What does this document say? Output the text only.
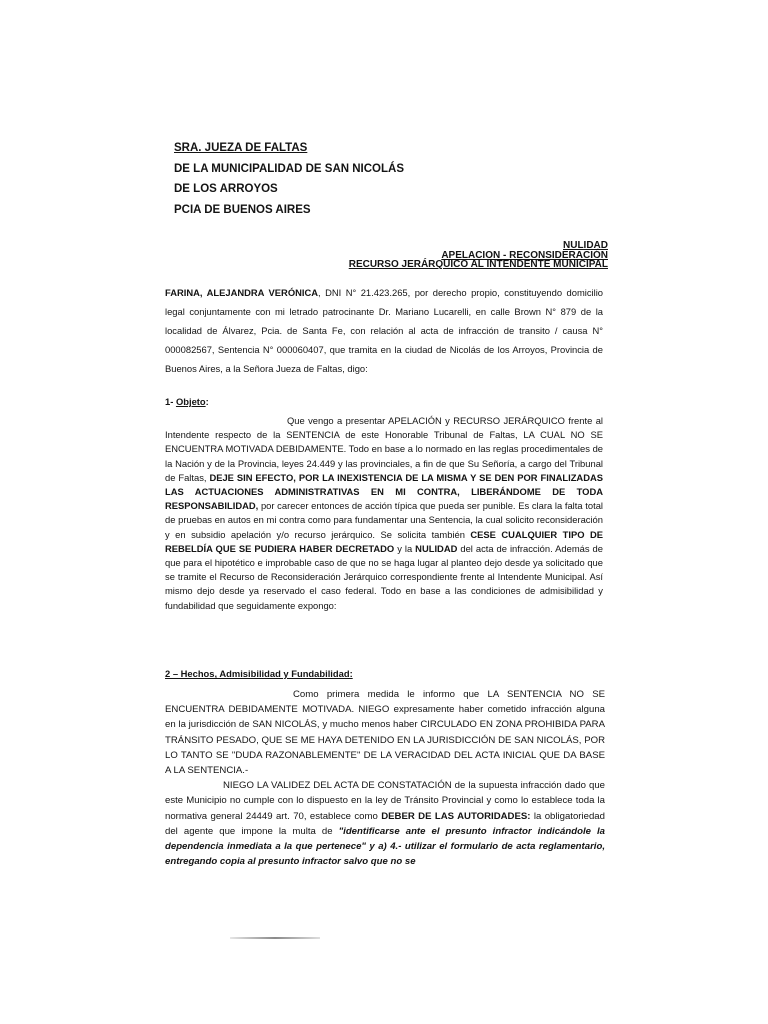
SRA. JUEZA DE FALTAS
DE LA MUNICIPALIDAD DE SAN NICOLÁS
DE LOS ARROYOS
PCIA DE BUENOS AIRES
NULIDAD
APELACION - RECONSIDERACIÓN
RECURSO JERÁRQUICO AL INTENDENTE MUNICIPAL

FARINA, ALEJANDRA VERÓNICA, DNI N° 21.423.265, por derecho propio, constituyendo domicilio legal conjuntamente con mi letrado patrocinante Dr. Mariano Lucarelli, en calle Brown N° 879 de la localidad de Álvarez, Pcia. de Santa Fe, con relación al acta de infracción de transito / causa N° 000082567, Sentencia N° 000060407, que tramita en la ciudad de Nicolás de los Arroyos, Provincia de Buenos Aires, a la Señora Jueza de Faltas, digo:

1- Objeto:

Que vengo a presentar APELACIÓN y RECURSO JERÁRQUICO frente al Intendente respecto de la SENTENCIA de este Honorable Tribunal de Faltas, LA CUAL NO SE ENCUENTRA MOTIVADA DEBIDAMENTE. Todo en base a lo normado en las reglas procedimentales de la Nación y de la Provincia, leyes 24.449 y las provinciales, a fin de que Su Señoría, a cargo del Tribunal de Faltas, DEJE SIN EFECTO, POR LA INEXISTENCIA DE LA MISMA Y SE DEN POR FINALIZADAS LAS ACTUACIONES ADMINISTRATIVAS EN MI CONTRA, LIBERÁNDOME DE TODA RESPONSABILIDAD, por carecer entonces de acción típica que pueda ser punible. Es clara la falta total de pruebas en autos en mi contra como para fundamentar una Sentencia, la cual solicito reconsideración y en subsidio apelación y/o recurso jerárquico. Se solicita también CESE CUALQUIER TIPO DE REBELDÍA QUE SE PUDIERA HABER DECRETADO y la NULIDAD del acta de infracción. Además de que para el hipotético e improbable caso de que no se haga lugar al planteo dejo desde ya solicitado que se tramite el Recurso de Reconsideración Jerárquico correspondiente frente al Intendente Municipal. Así mismo dejo desde ya reservado el caso federal. Todo en base a las condiciones de admisibilidad y fundabilidad que seguidamente expongo:

2 – Hechos, Admisibilidad y Fundabilidad:

Como primera medida le informo que LA SENTENCIA NO SE ENCUENTRA DEBIDAMENTE MOTIVADA. NIEGO expresamente haber cometido infracción alguna en la jurisdicción de SAN NICOLÁS, y mucho menos haber CIRCULADO EN ZONA PROHIBIDA PARA TRÁNSITO PESADO, QUE SE ME HAYA DETENIDO EN LA JURISDICCIÓN DE SAN NICOLÁS, POR LO TANTO SE "DUDA RAZONABLEMENTE" DE LA VERACIDAD DEL ACTA INICIAL QUE DA BASE A LA SENTENCIA.-

NIEGO LA VALIDEZ DEL ACTA DE CONSTATACIÓN de la supuesta infracción dado que este Municipio no cumple con lo dispuesto en la ley de Tránsito Provincial y como lo establece toda la normativa general 24449 art. 70, establece como DEBER DE LAS AUTORIDADES: la obligatoriedad del agente que impone la multa de "identificarse ante el presunto infractor indicándole la dependencia inmediata a la que pertenece" y a) 4.- utilizar el formulario de acta reglamentario, entregando copia al presunto infractor salvo que no se
